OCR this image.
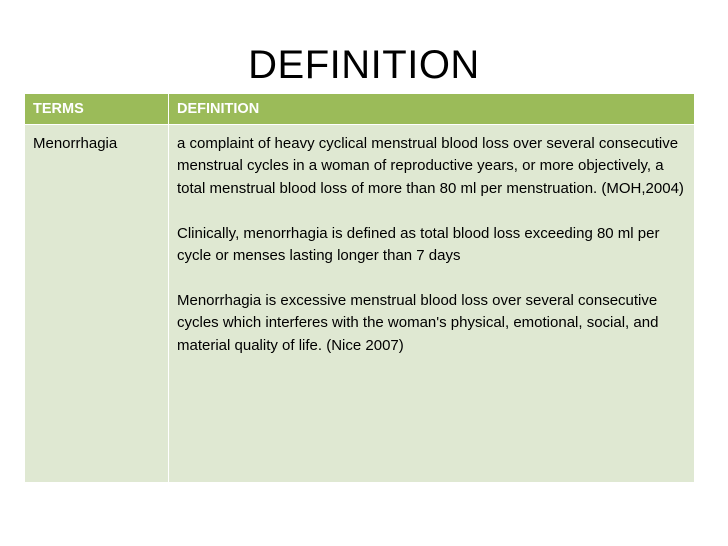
DEFINITION
TERMS	DEFINITION
Menorrhagia	a complaint of heavy cyclical menstrual blood loss over several consecutive menstrual cycles in a woman of reproductive years, or more objectively, a total menstrual blood loss of more than 80 ml per menstruation. (MOH,2004)

Clinically, menorrhagia is defined as total blood loss exceeding 80 ml per cycle or menses lasting longer than 7 days

Menorrhagia is excessive menstrual blood loss over several consecutive cycles which interferes with the woman's physical, emotional, social, and material quality of life. (Nice 2007)
